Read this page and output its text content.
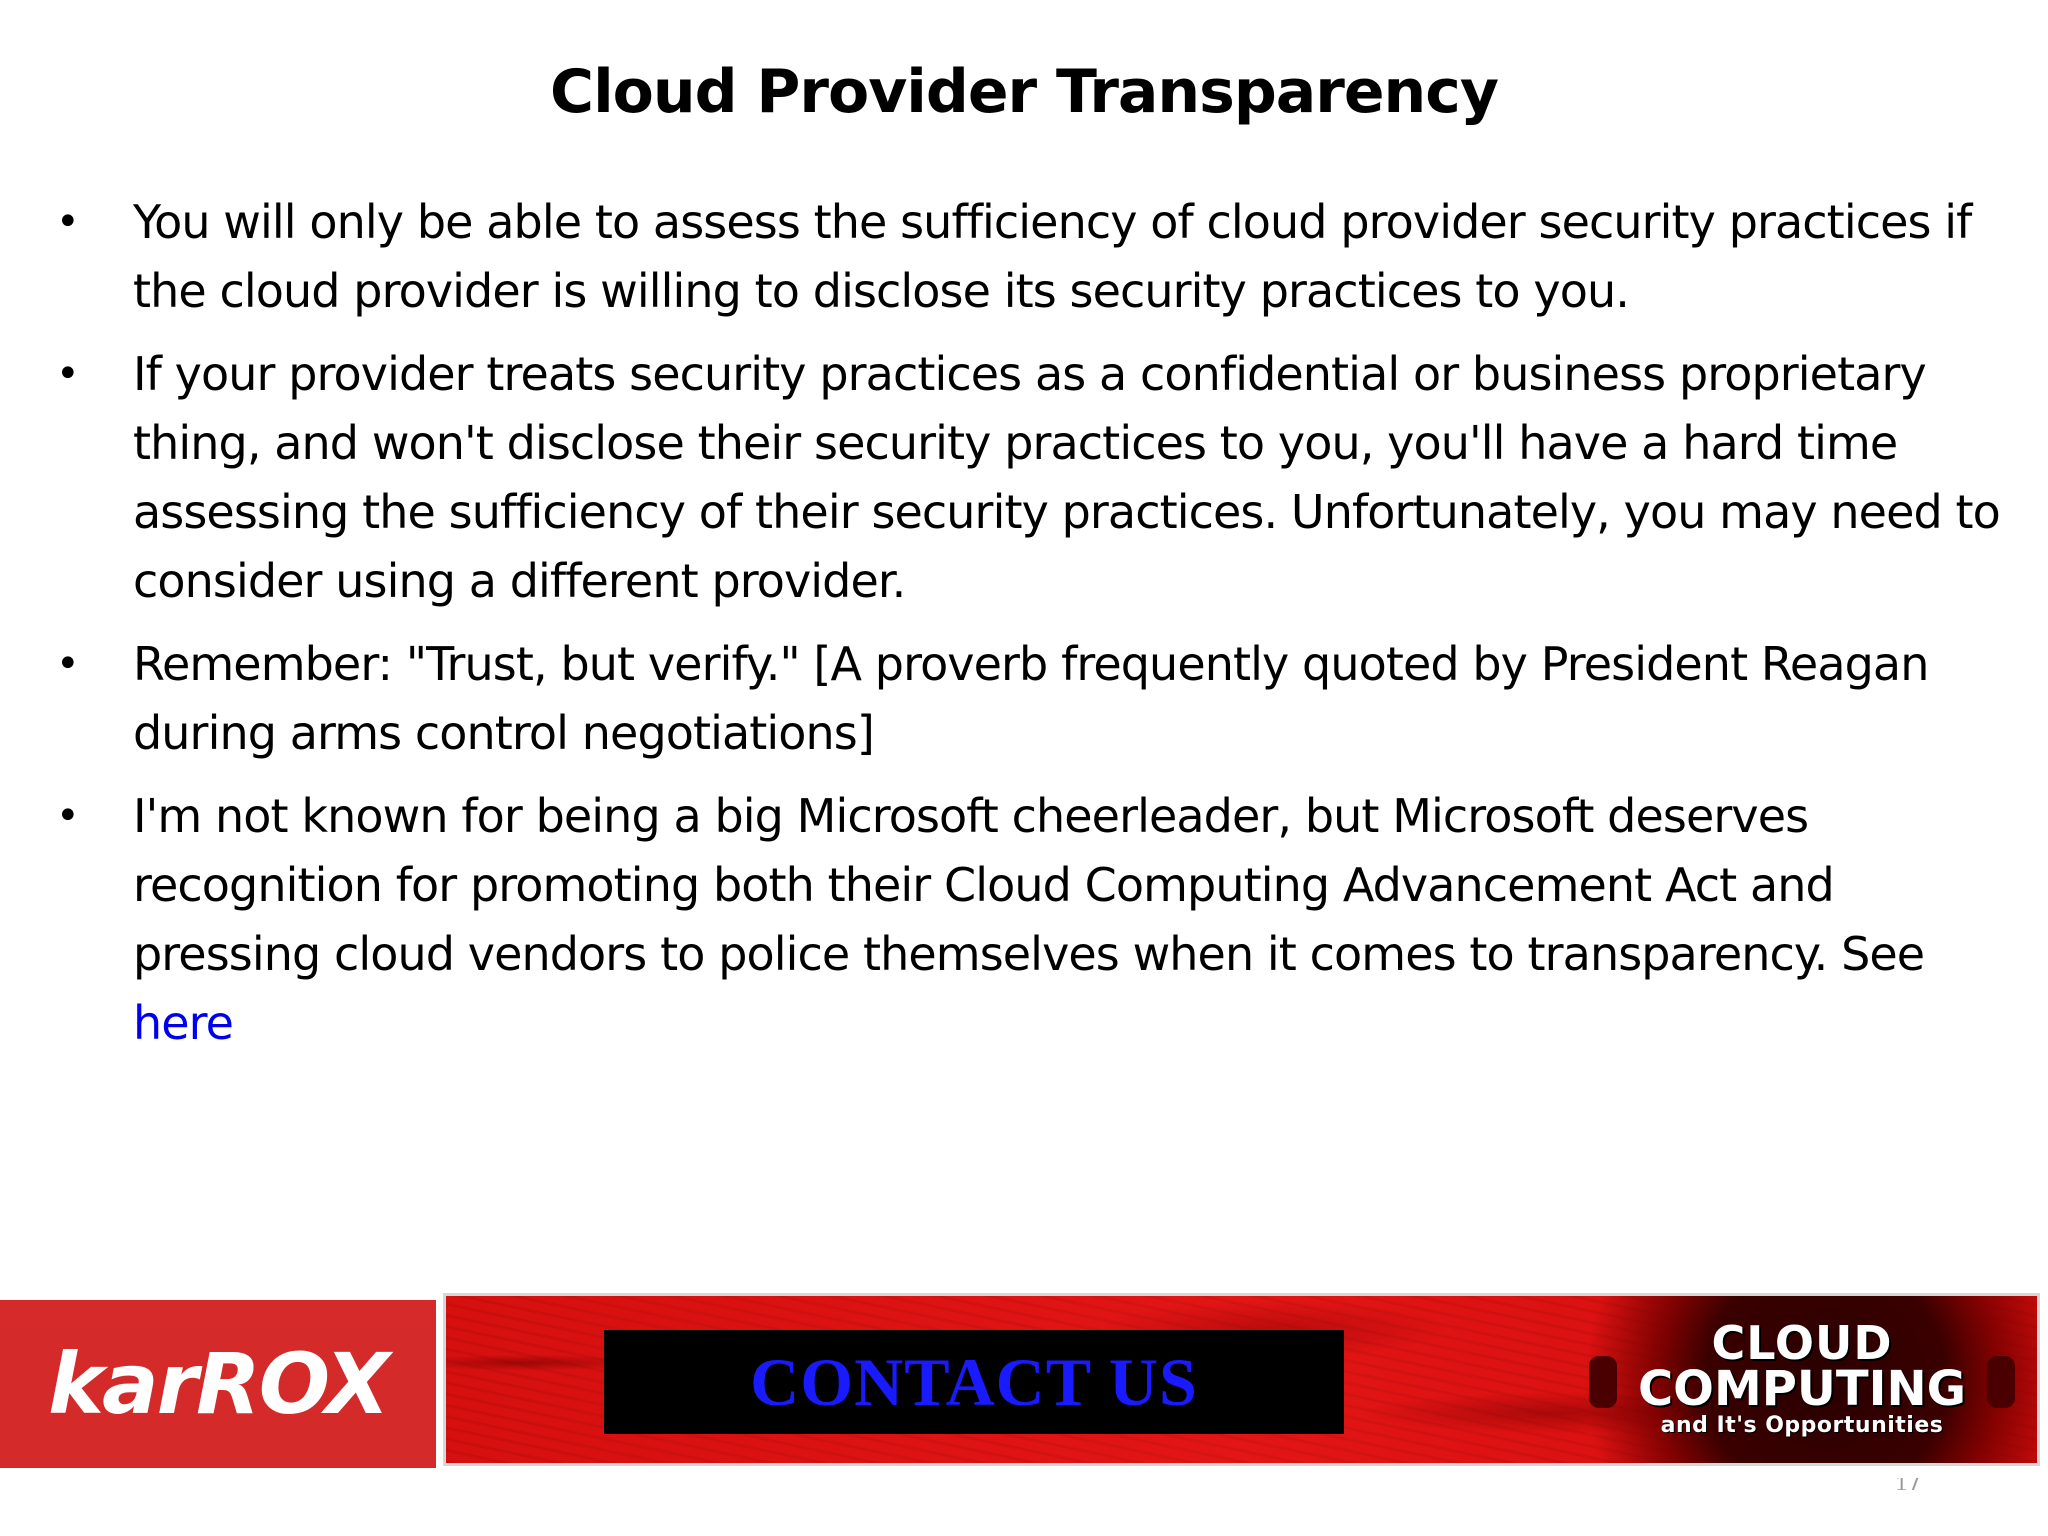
Cloud Provider Transparency
• You will only be able to assess the sufficiency of cloud provider security practices if the cloud provider is willing to disclose its security practices to you.
• If your provider treats security practices as a confidential or business proprietary thing, and won't disclose their security practices to you, you'll have a hard time assessing the sufficiency of their security practices. Unfortunately, you may need to consider using a different provider.
• Remember: "Trust, but verify." [A proverb frequently quoted by President Reagan during arms control negotiations]
• I'm not known for being a big Microsoft cheerleader, but Microsoft deserves recognition for promoting both their Cloud Computing Advancement Act and pressing cloud vendors to police themselves when it comes to transparency. See
here
karROX	CONTACT US
CLOUD
COMPUTING
and It's Opportunities
17
